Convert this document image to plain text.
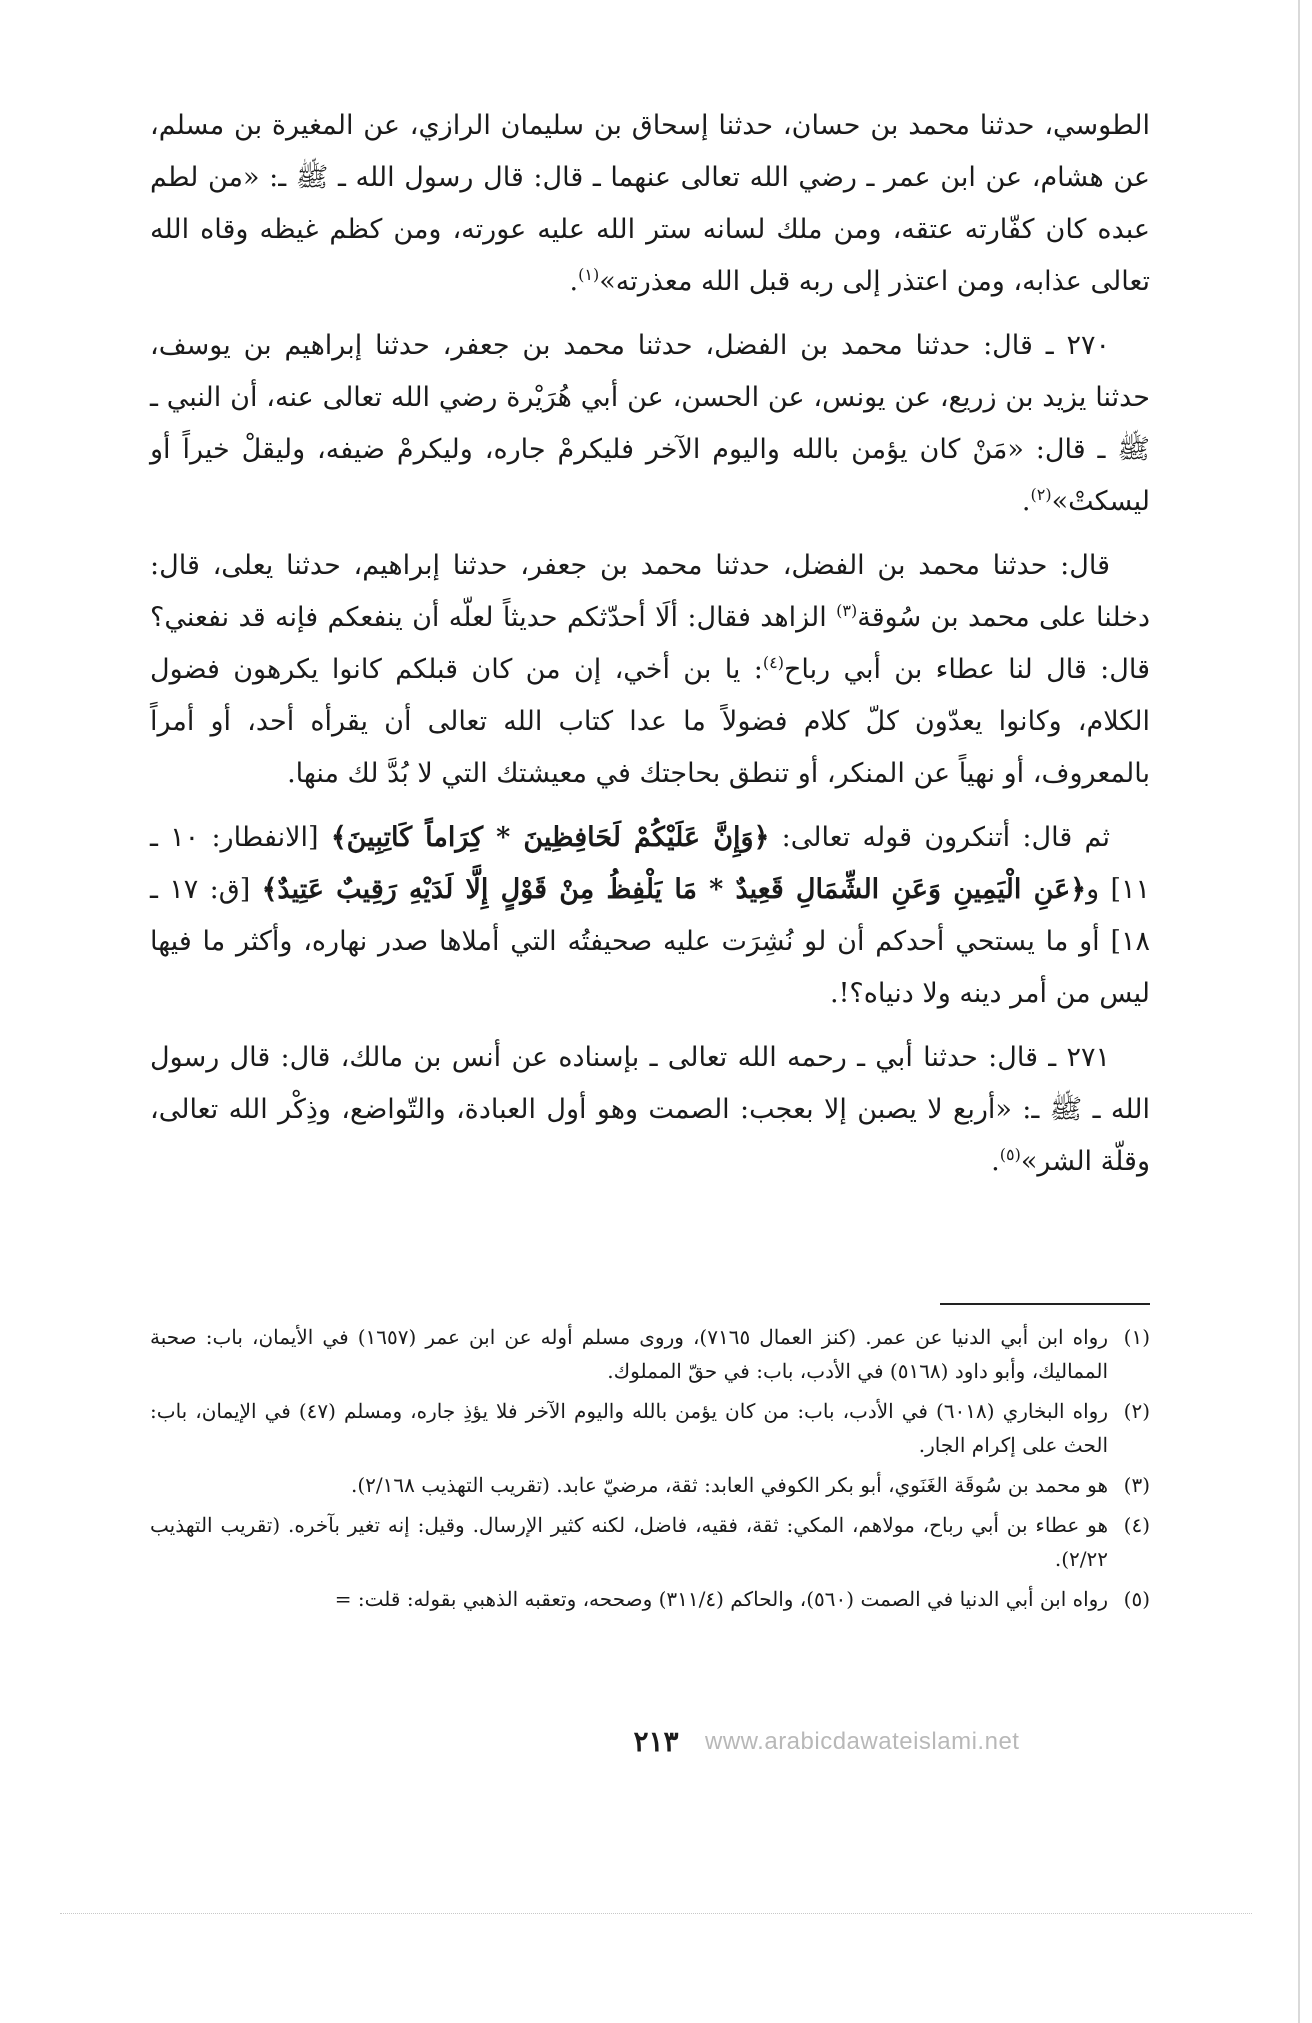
الطوسي، حدثنا محمد بن حسان، حدثنا إسحاق بن سليمان الرازي، عن المغيرة بن مسلم، عن هشام، عن ابن عمر ـ رضي الله تعالى عنهما ـ قال: قال رسول الله ـ ﷺ ـ: «من لطم عبده كان كفّارته عتقه، ومن ملك لسانه ستر الله عليه عورته، ومن كظم غيظه وقاه الله تعالى عذابه، ومن اعتذر إلى ربه قبل الله معذرته»$^{(١)}$.

٢٧٠ ـ قال: حدثنا محمد بن الفضل، حدثنا محمد بن جعفر، حدثنا إبراهيم بن يوسف، حدثنا يزيد بن زريع، عن يونس، عن الحسن، عن أبي هُرَيْرة رضي الله تعالى عنه، أن النبي ـ ﷺ ـ قال: «مَنْ كان يؤمن بالله واليوم الآخر فليكرمْ جاره، وليكرمْ ضيفه، وليقلْ خيراً أو ليسكتْ»$^{(٢)}$.

قال: حدثنا محمد بن الفضل، حدثنا محمد بن جعفر، حدثنا إبراهيم، حدثنا يعلى، قال: دخلنا على محمد بن سُوقة$^{(٣)}$ الزاهد فقال: ألَا أحدّثكم حديثاً لعلّه أن ينفعكم فإنه قد نفعني؟ قال: قال لنا عطاء بن أبي رباح$^{(٤)}$: يا بن أخي، إن من كان قبلكم كانوا يكرهون فضول الكلام، وكانوا يعدّون كلّ كلام فضولاً ما عدا كتاب الله تعالى أن يقرأه أحد، أو أمراً بالمعروف، أو نهياً عن المنكر، أو تنطق بحاجتك في معيشتك التي لا بُدَّ لك منها.

ثم قال: أتنكرون قوله تعالى: ﴿وَإِنَّ عَلَيْكُمْ لَحَافِظِينَ * كِرَاماً كَاتِبِينَ﴾ [الانفطار: ١٠ ـ ١١] و﴿عَنِ الْيَمِينِ وَعَنِ الشِّمَالِ قَعِيدٌ * مَا يَلْفِظُ مِنْ قَوْلٍ إِلَّا لَدَيْهِ رَقِيبٌ عَتِيدٌ﴾ [ق: ١٧ ـ ١٨] أو ما يستحي أحدكم أن لو نُشِرَت عليه صحيفتُه التي أملاها صدر نهاره، وأكثر ما فيها ليس من أمر دينه ولا دنياه؟!.

٢٧١ ـ قال: حدثنا أبي ـ رحمه الله تعالى ـ بإسناده عن أنس بن مالك، قال: قال رسول الله ـ ﷺ ـ: «أربع لا يصبن إلا بعجب: الصمت وهو أول العبادة، والتّواضع، وذِكْر الله تعالى، وقلّة الشر»$^{(٥)}$.

(١)
رواه ابن أبي الدنيا عن عمر. (كنز العمال ٧١٦٥)، وروى مسلم أوله عن ابن عمر (١٦٥٧) في الأيمان، باب: صحبة المماليك، وأبو داود (٥١٦٨) في الأدب، باب: في حقّ المملوك.

(٢)
رواه البخاري (٦٠١٨) في الأدب، باب: من كان يؤمن بالله واليوم الآخر فلا يؤذِ جاره، ومسلم (٤٧) في الإيمان، باب: الحث على إكرام الجار.

(٣)
هو محمد بن سُوقَة الغَنَوي، أبو بكر الكوفي العابد: ثقة، مرضيّ عابد. (تقريب التهذيب ٢/١٦٨).

(٤)
هو عطاء بن أبي رباح، مولاهم، المكي: ثقة، فقيه، فاضل، لكنه كثير الإرسال. وقيل: إنه تغير بآخره. (تقريب التهذيب ٢/٢٢).

(٥)
رواه ابن أبي الدنيا في الصمت (٥٦٠)، والحاكم (٣١١/٤) وصححه، وتعقبه الذهبي بقوله: قلت: =

٢١٣	www.arabicdawateislami.net
